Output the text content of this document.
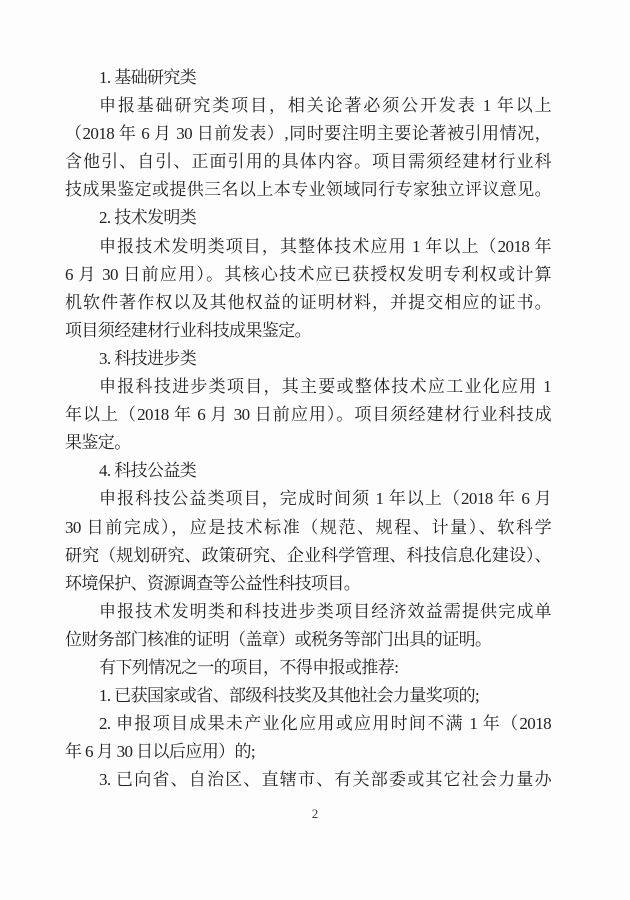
1. 基础研究类
申报基础研究类项目，相关论著必须公开发表 1 年以上
（2018 年 6 月 30 日前发表）,同时要注明主要论著被引用情况，
含他引、自引、正面引用的具体内容。项目需须经建材行业科
技成果鉴定或提供三名以上本专业领域同行专家独立评议意见。
2. 技术发明类
申报技术发明类项目，其整体技术应用 1 年以上（2018 年
6 月 30 日前应用）。其核心技术应已获授权发明专利权或计算
机软件著作权以及其他权益的证明材料，并提交相应的证书。
项目须经建材行业科技成果鉴定。
3. 科技进步类
申报科技进步类项目，其主要或整体技术应工业化应用 1
年以上（2018 年 6 月 30 日前应用）。项目须经建材行业科技成
果鉴定。
4. 科技公益类
申报科技公益类项目，完成时间须 1 年以上（2018 年 6 月
30 日前完成），应是技术标准（规范、规程、计量）、软科学
研究（规划研究、政策研究、企业科学管理、科技信息化建设）、
环境保护、资源调查等公益性科技项目。
申报技术发明类和科技进步类项目经济效益需提供完成单
位财务部门核准的证明（盖章）或税务等部门出具的证明。
有下列情况之一的项目，不得申报或推荐:
1. 已获国家或省、部级科技奖及其他社会力量奖项的;
2. 申报项目成果未产业化应用或应用时间不满 1 年（2018
年 6 月 30 日以后应用）的;
3. 已向省、自治区、直辖市、有关部委或其它社会力量办
2
